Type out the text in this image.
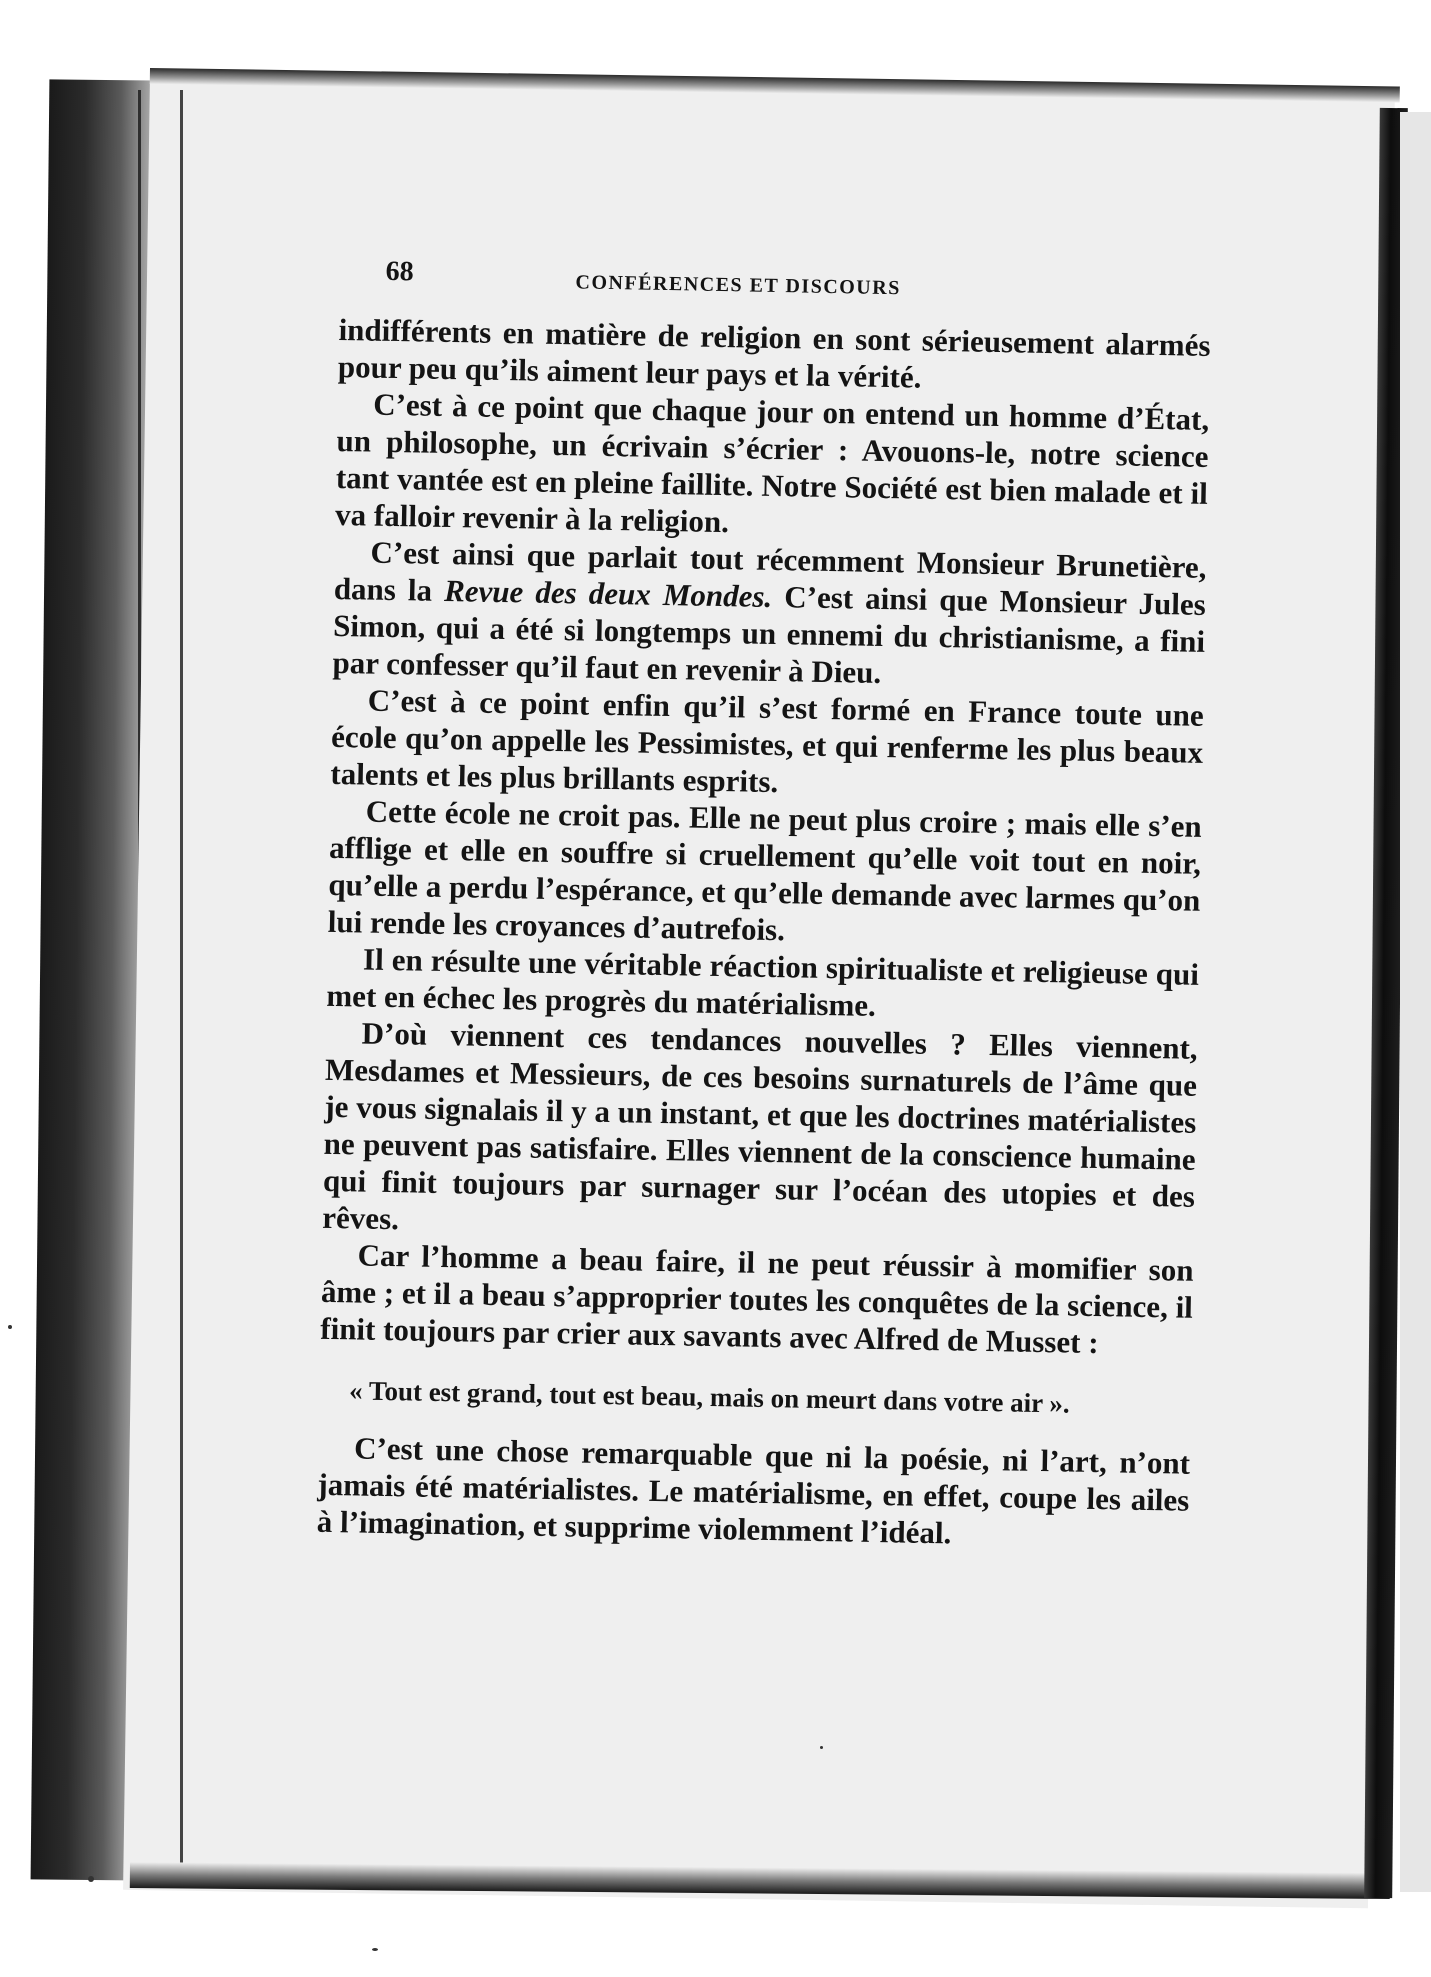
68	CONFÉRENCES ET DISCOURS

indifférents en matière de religion en sont sérieusement alarmés pour peu qu’ils aiment leur pays et la vérité.

C’est à ce point que chaque jour on entend un homme d’État, un philosophe, un écrivain s’écrier : Avouons-le, notre science tant vantée est en pleine faillite. Notre Société est bien malade et il va falloir revenir à la religion.

C’est ainsi que parlait tout récemment Monsieur Brunetière, dans la Revue des deux Mondes. C’est ainsi que Monsieur Jules Simon, qui a été si longtemps un ennemi du christianisme, a fini par confesser qu’il faut en revenir à Dieu.

C’est à ce point enfin qu’il s’est formé en France toute une école qu’on appelle les Pessimistes, et qui renferme les plus beaux talents et les plus brillants esprits.

Cette école ne croit pas. Elle ne peut plus croire ; mais elle s’en afflige et elle en souffre si cruellement qu’elle voit tout en noir, qu’elle a perdu l’espérance, et qu’elle demande avec larmes qu’on lui rende les croyances d’autrefois.

Il en résulte une véritable réaction spiritualiste et religieuse qui met en échec les progrès du matérialisme.

D’où viennent ces tendances nouvelles ? Elles viennent, Mesdames et Messieurs, de ces besoins surnaturels de l’âme que je vous signalais il y a un instant, et que les doctrines matérialistes ne peuvent pas satisfaire. Elles viennent de la conscience humaine qui finit toujours par surnager sur l’océan des utopies et des rêves.

Car l’homme a beau faire, il ne peut réussir à momifier son âme ; et il a beau s’approprier toutes les conquêtes de la science, il finit toujours par crier aux savants avec Alfred de Musset :

« Tout est grand, tout est beau, mais on meurt dans votre air ».

C’est une chose remarquable que ni la poésie, ni l’art, n’ont jamais été matérialistes. Le matérialisme, en effet, coupe les ailes à l’imagination, et supprime violemment l’idéal.
